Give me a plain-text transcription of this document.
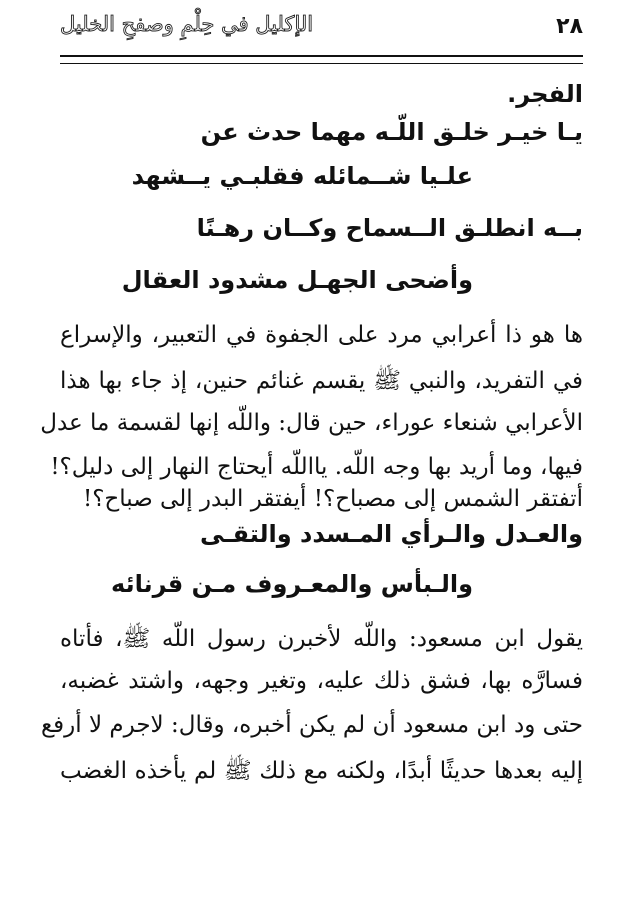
٢٨
الإكليل في حِلْمِ وصفحِ الخليل
الفجر.
يـا خيـر خلـق اللّـه مهما حدث عن
علـيا شــمائله فقلبـي يــشهد
بــه انطلـق الــسماح وكــان رهـنًا
وأضحى الجهـل مشدود العقال
ها هو ذا أعرابي مرد على الجفوة في التعبير، والإسراع
في التفريد، والنبي ﷺ يقسم غنائم حنين، إذ جاء بها هذا
الأعرابي شنعاء عوراء، حين قال: واللّه إنها لقسمة ما عدل
فيها، وما أريد بها وجه اللّه. يااللّه أيحتاج النهار إلى دليل؟!
أتفتقر الشمس إلى مصباح؟! أيفتقر البدر إلى صباح؟!
والعـدل والـرأي المـسدد والتقـى
والـبأس والمعـروف مـن قرنائه
يقول ابن مسعود: واللّه لأخبرن رسول اللّه ﷺ، فأتاه
فسارَّه بها، فشق ذلك عليه، وتغير وجهه، واشتد غضبه،
حتى ود ابن مسعود أن لم يكن أخبره، وقال: لاجرم لا أرفع
إليه بعدها حديثًا أبدًا، ولكنه مع ذلك ﷺ لم يأخذه الغضب
